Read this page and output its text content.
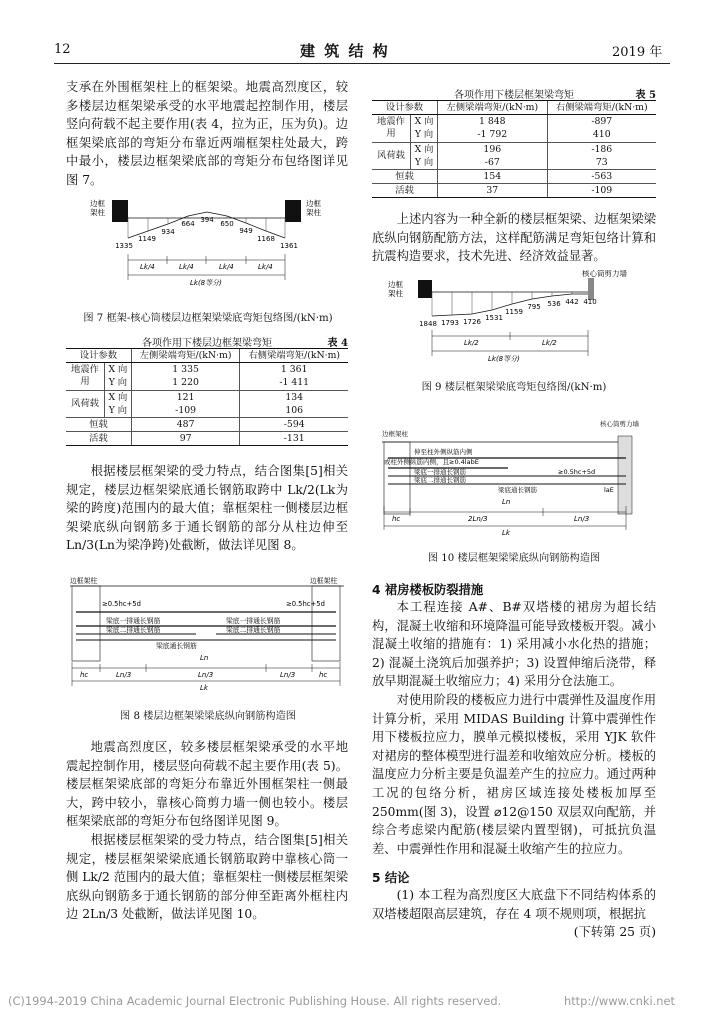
12	建 筑 结 构	2019 年

支承在外围框架柱上的框架梁。地震高烈度区，较多楼层边框架梁承受的水平地震起控制作用，楼层竖向荷载不起主要作用(表 4，拉为正，压为负)。边框架梁底部的弯矩分布靠近两端框架柱处最大，跨中最小，楼层边框架梁底部的弯矩分布包络图详见图 7。

边框
架柱
边框
架柱
1335
1149
934
664 394 650
949
1168
1361
Lk/4	Lk/4	Lk/4	Lk/4
Lk(8等分)
图 7 框架-核心筒楼层边框架梁梁底弯矩包络图/(kN·m)
各项作用下楼层边框架梁弯矩	表 4
设计参数		左侧梁端弯矩/(kN·m)	右侧梁端弯矩/(kN·m)
地震作用	X 向	1 335	1 361
	Y 向	1 220	-1 411
风荷载	X 向	121	134
	Y 向	-109	106
恒载		487	-594
活载		97	-131

根据楼层框架梁的受力特点，结合图集[5]相关规定，楼层边框架梁底通长钢筋取跨中 Lk/2(Lk为梁的跨度)范围内的最大值；靠框架柱一侧楼层边框架梁底纵向钢筋多于通长钢筋的部分从柱边伸至 Ln/3(Ln为梁净跨)处截断，做法详见图 8。

边框架柱	边框架柱
≥0.5hc+5d	≥0.5hc+5d
梁底一排通长钢筋
梁底二排通长钢筋
梁底通长钢筋
梁底一排通长钢筋
梁底二排通长钢筋
hc	Ln/3	Ln/3	Ln/3	hc
Lk
Ln
图 8 楼层边框架梁梁底纵向钢筋构造图

地震高烈度区，较多楼层框架梁承受的水平地震起控制作用，楼层竖向荷载不起主要作用(表 5)。楼层框架梁底部的弯矩分布靠近外围框架柱一侧最大，跨中较小，靠核心筒剪力墙一侧也较小。楼层框架梁底部的弯矩分布包络图详见图 9。

根据楼层框架梁的受力特点，结合图集[5]相关规定，楼层框架梁梁底通长钢筋取跨中靠核心筒一侧 Lk/2 范围内的最大值；靠框架柱一侧楼层框架梁底纵向钢筋多于通长钢筋的部分伸至距离外框柱内边 2Ln/3 处截断，做法详见图 10。

各项作用下楼层框架梁弯矩	表 5
设计参数		左侧梁端弯矩/(kN·m)	右侧梁端弯矩/(kN·m)
地震作用	X 向	1 848	-897
	Y 向	-1 792	410
风荷载	X 向	196	-186
	Y 向	-67	73
恒载		154	-563
活载		37	-109

上述内容为一种全新的楼层框架梁、边框架梁梁底纵向钢筋配筋方法，这样配筋满足弯矩包络计算和抗震构造要求，技术先进、经济效益显著。

边框
架柱
核心筒剪力墙
1848 1793 1726 1531
1159
795 536 442 410
Lk/2	Lk/2
Lk(8等分)
图 9 楼层框架梁梁底弯矩包络图/(kN·m)
边框架柱
核心筒剪力墙
伸至柱外侧纵筋内侧
或柱外侧纵筋内侧，且≥0.4labE
梁底一排通长钢筋
梁底二排通长钢筋
梁底通长钢筋
≥0.5hc+5d
laE
hc	2Ln/3	Ln/3
Lk
Ln
图 10 楼层框架梁梁底纵向钢筋构造图
4 裙房楼板防裂措施

本工程连接 A#、B#双塔楼的裙房为超长结构，混凝土收缩和环境降温可能导致楼板开裂。减小混凝土收缩的措施有：1) 采用减小水化热的措施；2) 混凝土浇筑后加强养护；3) 设置伸缩后浇带，释放早期混凝土收缩应力；4) 采用分仓法施工。

对使用阶段的楼板应力进行中震弹性及温度作用计算分析，采用 MIDAS Building 计算中震弹性作用下楼板拉应力，膜单元模拟楼板，采用 YJK 软件对裙房的整体模型进行温差和收缩效应分析。楼板的温度应力分析主要是负温差产生的拉应力。通过两种工况的包络分析，裙房区域连接处楼板加厚至250mm(图 3)，设置 ⌀12@150 双层双向配筋，并综合考虑梁内配筋(楼层梁内置型钢)，可抵抗负温差、中震弹性作用和混凝土收缩产生的拉应力。

5 结论

(1) 本工程为高烈度区大底盘下不同结构体系的双塔楼超限高层建筑，存在 4 项不规则项，根据抗

(下转第 25 页)

(C)1994-2019 China Academic Journal Electronic Publishing House. All rights reserved.	http://www.cnki.net
